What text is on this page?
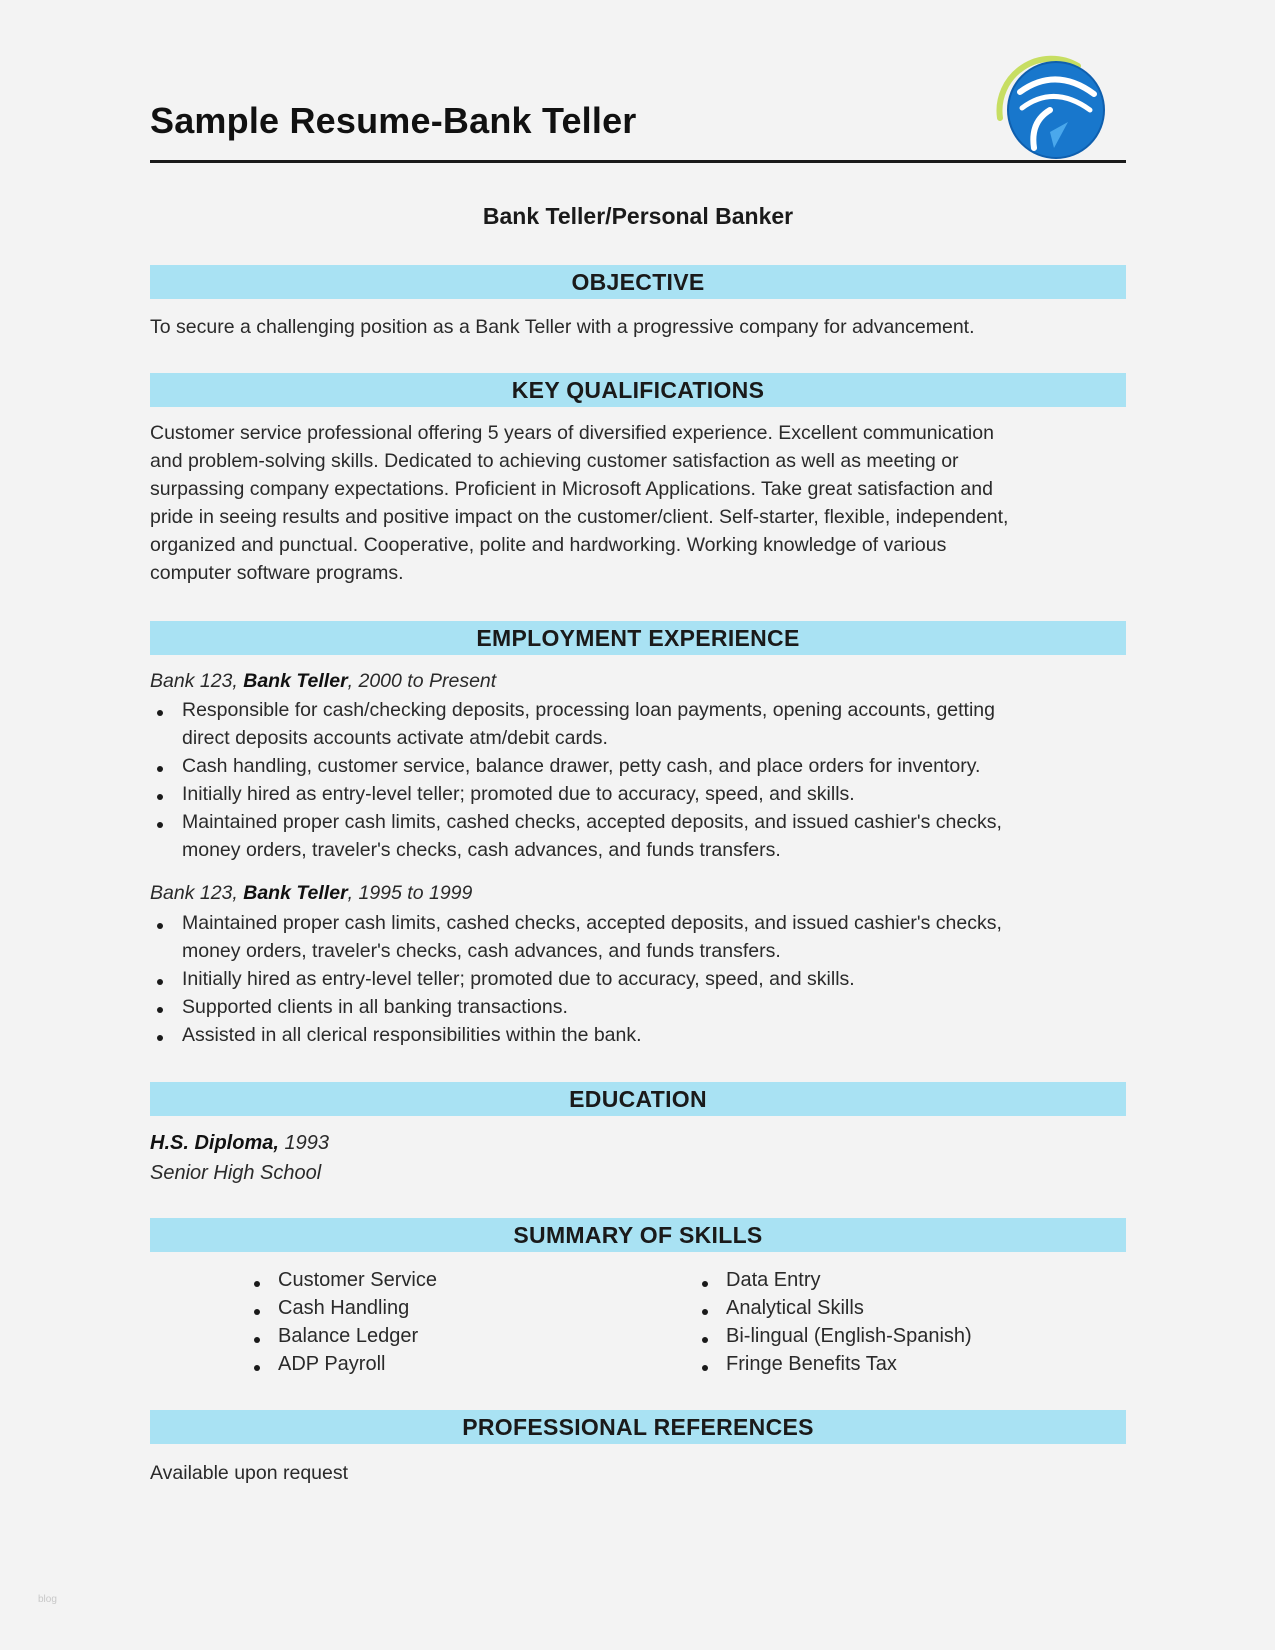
Sample Resume-Bank Teller
Bank Teller/Personal Banker
OBJECTIVE

To secure a challenging position as a Bank Teller with a progressive company for advancement.

KEY QUALIFICATIONS
Customer service professional offering 5 years of diversified experience. Excellent communication
and problem-solving skills. Dedicated to achieving customer satisfaction as well as meeting or
surpassing company expectations. Proficient in Microsoft Applications. Take great satisfaction and
pride in seeing results and positive impact on the customer/client. Self-starter, flexible, independent,
organized and punctual. Cooperative, polite and hardworking. Working knowledge of various
computer software programs.
EMPLOYMENT EXPERIENCE
Bank 123, Bank Teller, 2000 to Present
Responsible for cash/checking deposits, processing loan payments, opening accounts, getting
direct deposits accounts activate atm/debit cards.
Cash handling, customer service, balance drawer, petty cash, and place orders for inventory.
Initially hired as entry-level teller; promoted due to accuracy, speed, and skills.
Maintained proper cash limits, cashed checks, accepted deposits, and issued cashier's checks,
money orders, traveler's checks, cash advances, and funds transfers.
Bank 123, Bank Teller, 1995 to 1999
Maintained proper cash limits, cashed checks, accepted deposits, and issued cashier's checks,
money orders, traveler's checks, cash advances, and funds transfers.
Initially hired as entry-level teller; promoted due to accuracy, speed, and skills.
Supported clients in all banking transactions.
Assisted in all clerical responsibilities within the bank.
EDUCATION
H.S. Diploma, 1993
Senior High School
SUMMARY OF SKILLS
Customer Service
Cash Handling
Balance Ledger
ADP Payroll
Data Entry
Analytical Skills
Bi-lingual (English-Spanish)
Fringe Benefits Tax
PROFESSIONAL REFERENCES

Available upon request

blog
